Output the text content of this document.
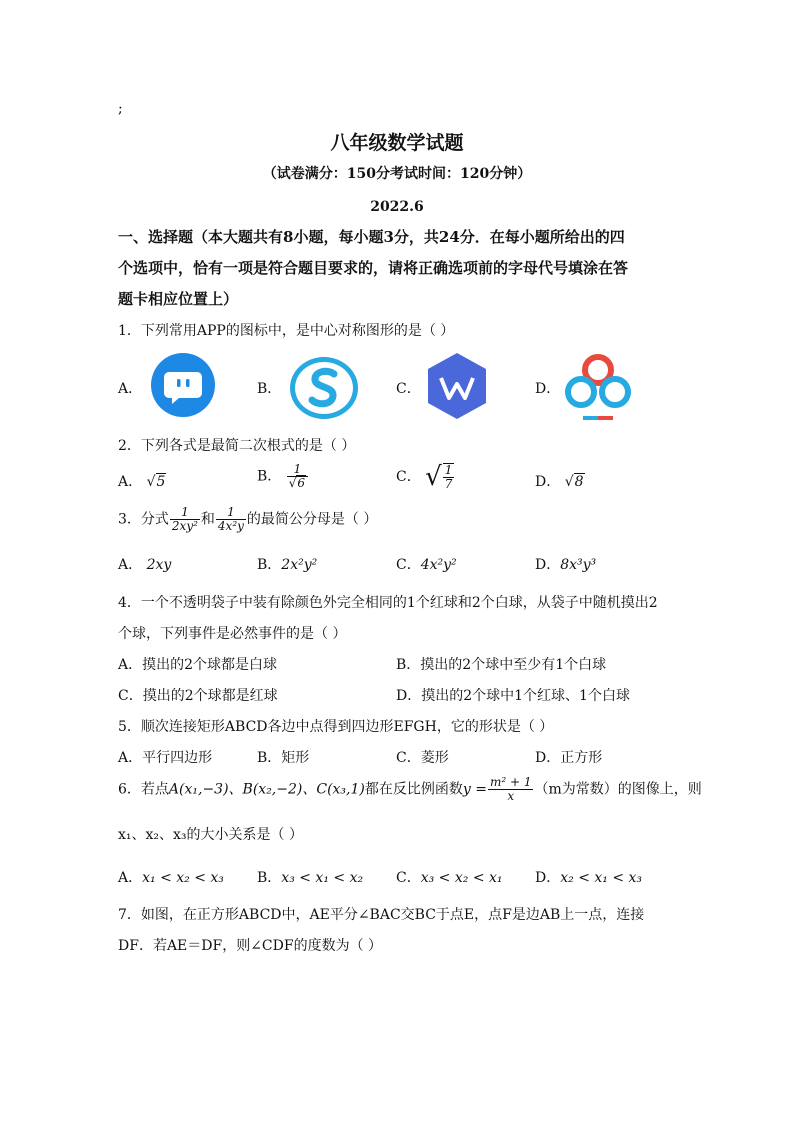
;
八年级数学试题
（试卷满分：150分考试时间：120分钟）
2022.6
一、选择题（本大题共有8小题，每小题3分，共24分．在每小题所给出的四
个选项中，恰有一项是符合题目要求的，请将正确选项前的字母代号填涂在答
题卡相应位置上）
1．下列常用APP的图标中，是中心对称图形的是（ ）
A．	B．	C．	D．
2．下列各式是最简二次根式的是（ ）
A． √5	B． $\frac{1}{√6}$	C． √ $\frac{1}{7}$	D． √8
3．分式 $\frac{1}{\text{2xy²}}$ 和 $\frac{1}{\text{4x²y}}$ 的最简公分母是（ ）
A． 2xy	B．2x²y²	C．4x²y²	D．8x³y³
4．一个不透明袋子中装有除颜色外完全相同的1个红球和2个白球，从袋子中随机摸出2
个球，下列事件是必然事件的是（ ）
A．摸出的2个球都是白球	B．摸出的2个球中至少有1个白球
C．摸出的2个球都是红球	D．摸出的2个球中1个红球、1个白球
5．顺次连接矩形ABCD各边中点得到四边形EFGH，它的形状是（ ）
A．平行四边形	B．矩形	C．菱形	D．正方形
6．若点A(x₁,−3)、B(x₂,−2)、C(x₃,1)都在反比例函数$y = \frac{\text{m² + 1}}{x} (m$为常数）的图像上，则
x₁、x₂、x₃的大小关系是（ ）
A．x₁ < x₂ < x₃ B．x₃ < x₁ < x₂ C．x₃ < x₂ < x₁ D．x₂ < x₁ < x₃
7．如图，在正方形ABCD中，AE平分∠BAC交BC于点E，点F是边AB上一点，连接
DF．若AE＝DF，则∠CDF的度数为（ ）
